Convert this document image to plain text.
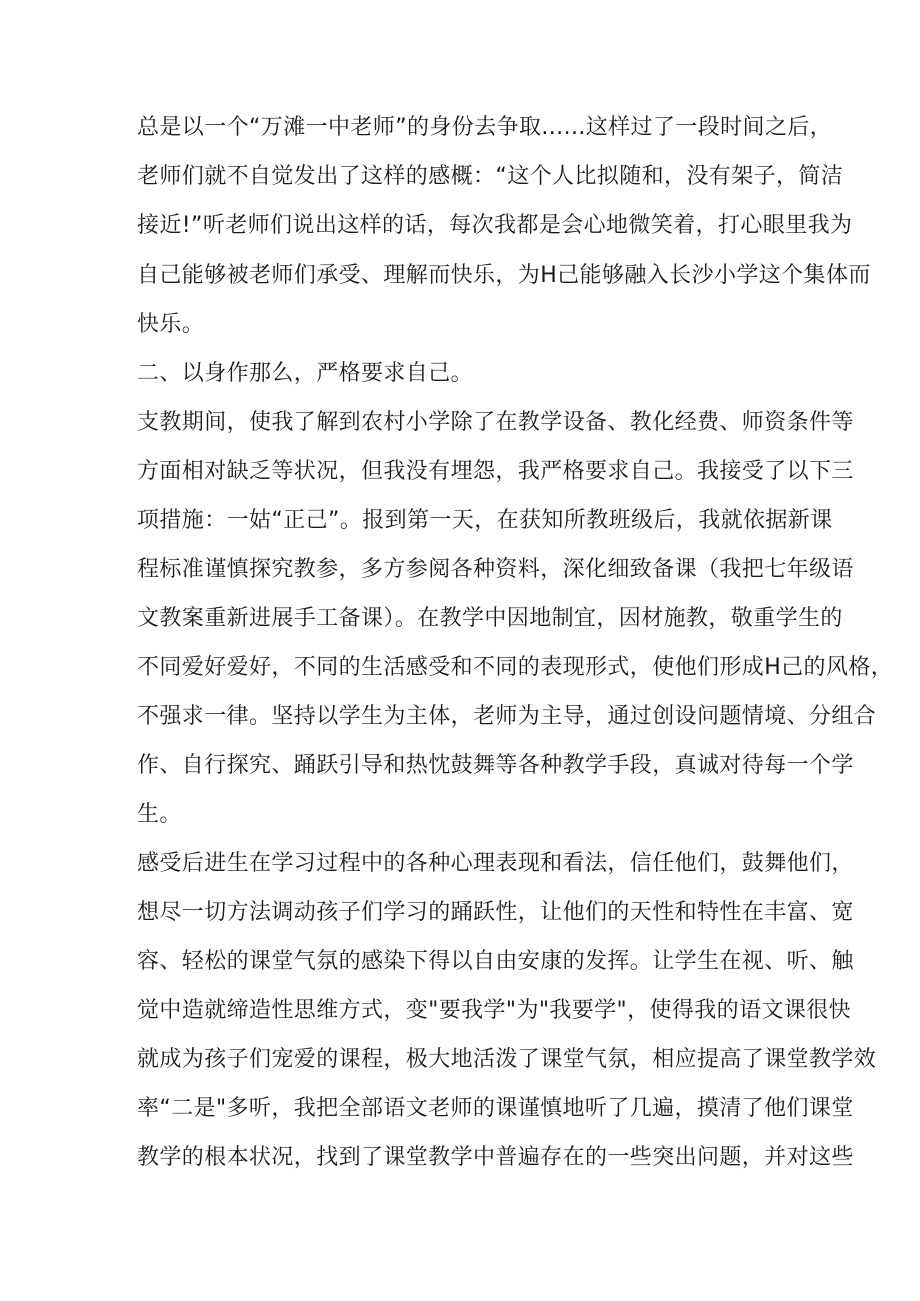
总是以一个“万滩一中老师”的身份去争取......这样过了一段时间之后，
老师们就不自觉发出了这样的感概：“这个人比拟随和，没有架子，简洁
接近!”听老师们说出这样的话，每次我都是会心地微笑着，打心眼里我为
自己能够被老师们承受、理解而快乐，为H己能够融入长沙小学这个集体而
快乐。
二、以身作那么，严格要求自己。
支教期间，使我了解到农村小学除了在教学设备、教化经费、师资条件等
方面相对缺乏等状况，但我没有埋怨，我严格要求自己。我接受了以下三
项措施：一姑“正己”。报到第一天，在获知所教班级后，我就依据新课
程标准谨慎探究教参，多方参阅各种资料，深化细致备课（我把七年级语
文教案重新进展手工备课）。在教学中因地制宜，因材施教，敬重学生的
不同爱好爱好，不同的生活感受和不同的表现形式，使他们形成H己的风格，
不强求一律。坚持以学生为主体，老师为主导，通过创设问题情境、分组合
作、自行探究、踊跃引导和热忱鼓舞等各种教学手段，真诚对待每一个学
生。
感受后进生在学习过程中的各种心理表现和看法，信任他们，鼓舞他们，
想尽一切方法调动孩子们学习的踊跃性，让他们的天性和特性在丰富、宽
容、轻松的课堂气氛的感染下得以自由安康的发挥。让学生在视、听、触
觉中造就缔造性思维方式，变"要我学"为"我要学"，使得我的语文课很快
就成为孩子们宠爱的课程，极大地活泼了课堂气氛，相应提高了课堂教学效
率“二是"多听，我把全部语文老师的课谨慎地听了几遍，摸清了他们课堂
教学的根本状况，找到了课堂教学中普遍存在的一些突出问题，并对这些
